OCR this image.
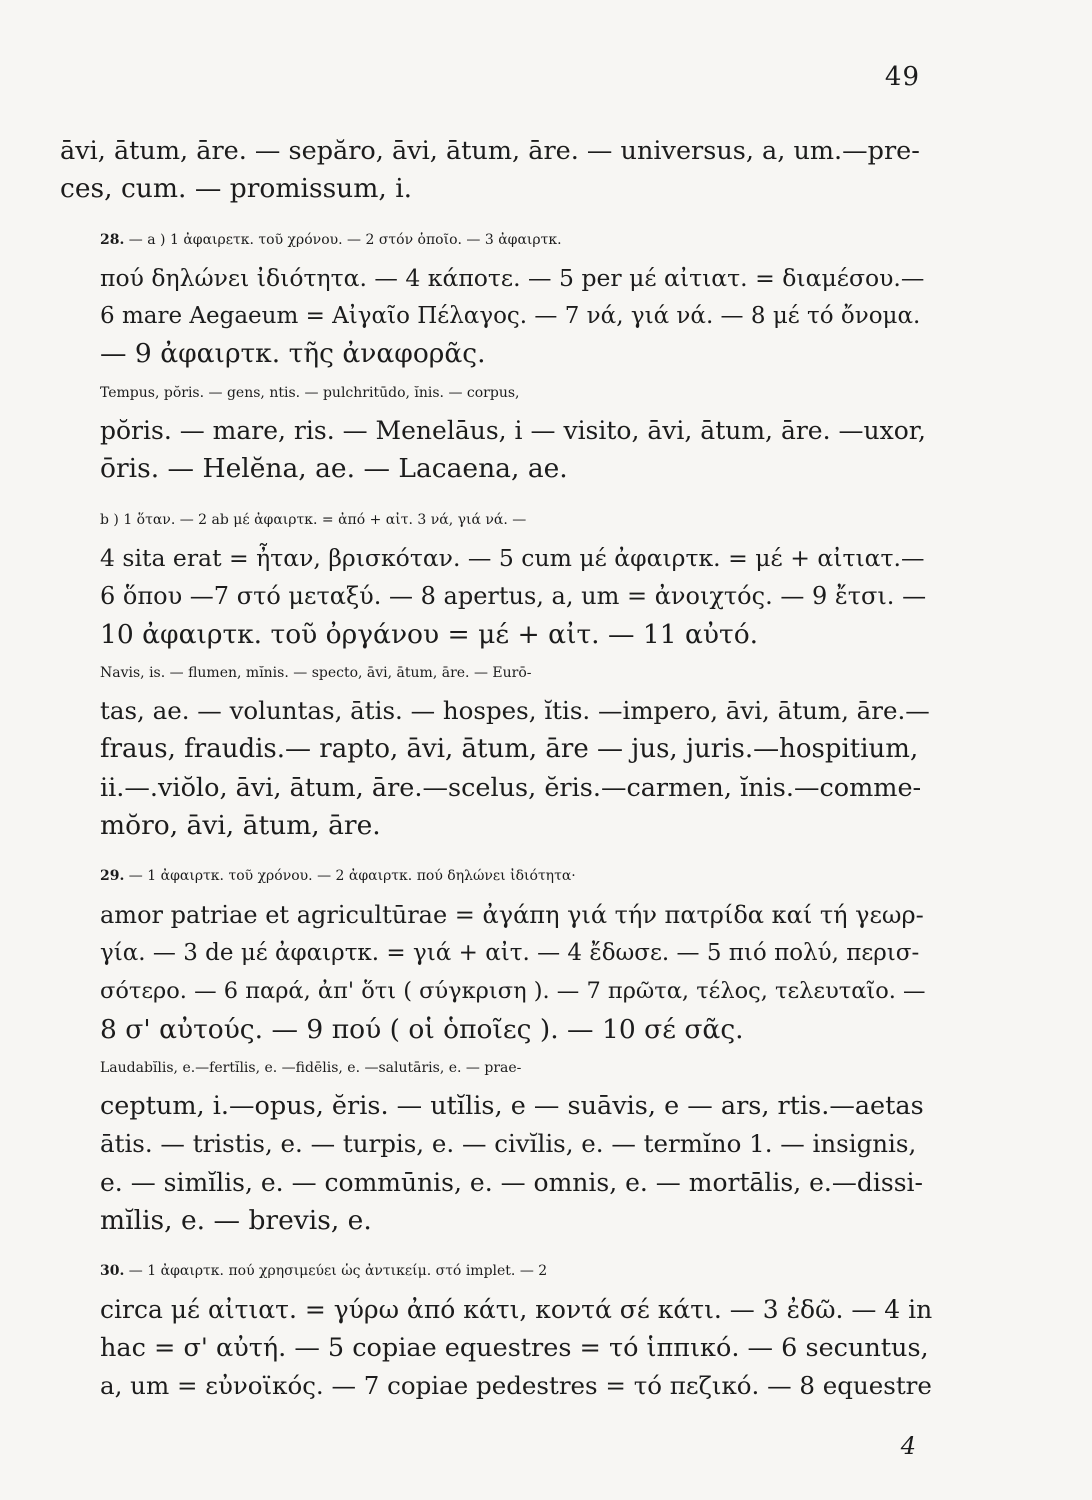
49

āvi, ātum, āre. — sepăro, āvi, ātum, āre. — universus, a, um.—pre-
ces, cum. — promissum, i.

28. — a ) 1 ἀφαιρετκ. τοῦ χρόνου. — 2 στόν ὁποῖο. — 3 ἀφαιρτκ.
πού δηλώνει ἰδιότητα. — 4 κάποτε. — 5 per μέ αἰτιατ. = διαμέσου.—
6 mare Aegaeum = Αἰγαῖο Πέλαγος. — 7 νά, γιά νά. — 8 μέ τό ὄνομα.
— 9 ἀφαιρτκ. τῆς ἀναφορᾶς.

Tempus, pŏris. — gens, ntis. — pulchritūdo, ĭnis. — corpus,
pŏris. — mare, ris. — Menelāus, i — visito, āvi, ātum, āre. —uxor,
ōris. — Helĕna, ae. — Lacaena, ae.

b ) 1 ὅταν. — 2 ab μέ ἀφαιρτκ. = ἀπό + αἰτ. 3 νά, γιά νά. —
4 sita erat = ἦταν, βρισκόταν. — 5 cum μέ ἀφαιρτκ. = μέ + αἰτιατ.—
6 ὅπου —7 στό μεταξύ. — 8 apertus, a, um = ἀνοιχτός. — 9 ἔτσι. —
10 ἀφαιρτκ. τοῦ ὀργάνου = μέ + αἰτ. — 11 αὐτό.

Navis, is. — flumen, mĭnis. — specto, āvi, ātum, āre. — Eurō-
tas, ae. — voluntas, ātis. — hospes, ĭtis. —impero, āvi, ātum, āre.—
fraus, fraudis.— rapto, āvi, ātum, āre — jus, juris.—hospitium,
ii.—.viŏlo, āvi, ātum, āre.—scelus, ĕris.—carmen, ĭnis.—comme-
mŏro, āvi, ātum, āre.

29. — 1 ἀφαιρτκ. τοῦ χρόνου. — 2 ἀφαιρτκ. πού δηλώνει ἰδιότητα·
amor patriae et agricultūrae = ἀγάπη γιά τήν πατρίδα καί τή γεωρ-
γία. — 3 de μέ ἀφαιρτκ. = γιά + αἰτ. — 4 ἔδωσε. — 5 πιό πολύ, περισ-
σότερο. — 6 παρά, ἀπ' ὅτι ( σύγκριση ). — 7 πρῶτα, τέλος, τελευταῖο. —
8 σ' αὐτούς. — 9 πού ( οἱ ὁποῖες ). — 10 σέ σᾶς.

Laudabĭlis, e.—fertĭlis, e. —fidēlis, e. —salutāris, e. — prae-
ceptum, i.—opus, ĕris. — utĭlis, e — suāvis, e — ars, rtis.—aetas
ātis. — tristis, e. — turpis, e. — civĭlis, e. — termĭno 1. — insignis,
e. — simĭlis, e. — commūnis, e. — omnis, e. — mortālis, e.—dissi-
mĭlis, e. — brevis, e.

30. — 1 ἀφαιρτκ. πού χρησιμεύει ὡς ἀντικείμ. στό implet. — 2
circa μέ αἰτιατ. = γύρω ἀπό κάτι, κοντά σέ κάτι. — 3 ἐδῶ. — 4 in
hac = σ' αὐτή. — 5 copiae equestres = τό ἱππικό. — 6 secuntus,
a, um = εὐνοϊκός. — 7 copiae pedestres = τό πεζικό. — 8 equestre

4
